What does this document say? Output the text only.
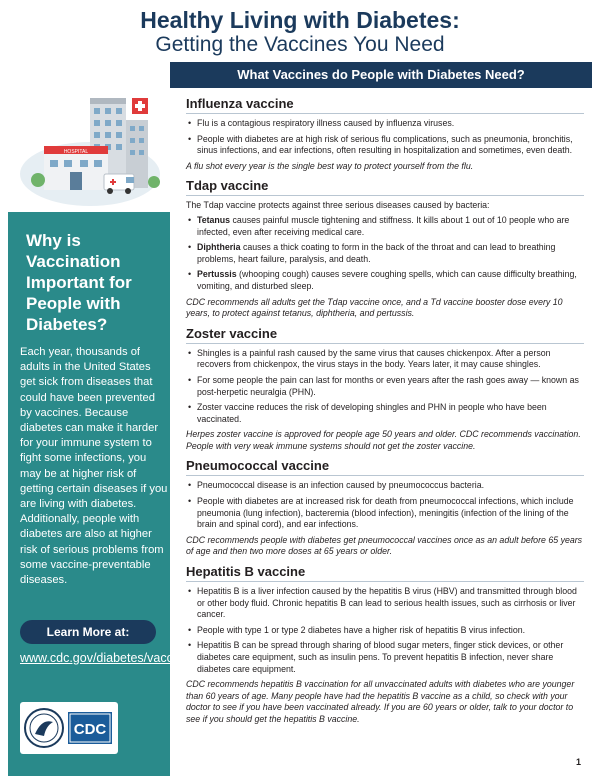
Healthy Living with Diabetes:
Getting the Vaccines You Need
HOSPITAL
Why is Vaccination Important for People with Diabetes?
Each year, thousands of adults in the United States get sick from diseases that could have been prevented by vaccines. Because diabetes can make it harder for your immune system to fight some infections, you may be at higher risk of getting certain diseases if you are living with diabetes. Additionally, people with diabetes are also at higher risk of serious problems from some vaccine-preventable diseases.
Learn More at:
www.cdc.gov/diabetes/vaccines
CDC
What Vaccines do People with Diabetes Need?
Influenza vaccine
• Flu is a contagious respiratory illness caused by influenza viruses.
• People with diabetes are at high risk of serious flu complications, such as pneumonia, bronchitis, sinus infections, and ear infections, often resulting in hospitalization and sometimes, even death.

A flu shot every year is the single best way to protect yourself from the flu.

Tdap vaccine

The Tdap vaccine protects against three serious diseases caused by bacteria:

• Tetanus causes painful muscle tightening and stiffness. It kills about 1 out of 10 people who are infected, even after receiving medical care.
• Diphtheria causes a thick coating to form in the back of the throat and can lead to breathing problems, heart failure, paralysis, and death.
• Pertussis (whooping cough) causes severe coughing spells, which can cause difficulty breathing, vomiting, and disturbed sleep.

CDC recommends all adults get the Tdap vaccine once, and a Td vaccine booster dose every 10 years, to protect against tetanus, diphtheria, and pertussis.

Zoster vaccine
• Shingles is a painful rash caused by the same virus that causes chickenpox. After a person recovers from chickenpox, the virus stays in the body. Years later, it may cause shingles.
• For some people the pain can last for months or even years after the rash goes away — known as post-herpetic neuralgia (PHN).
• Zoster vaccine reduces the risk of developing shingles and PHN in people who have been vaccinated.

Herpes zoster vaccine is approved for people age 50 years and older. CDC recommends vaccination. People with very weak immune systems should not get the zoster vaccine.

Pneumococcal vaccine
• Pneumococcal disease is an infection caused by pneumococcus bacteria.
• People with diabetes are at increased risk for death from pneumococcal infections, which include pneumonia (lung infection), bacteremia (blood infection), meningitis (infection of the lining of the brain and spinal cord), and ear infections.

CDC recommends people with diabetes get pneumococcal vaccines once as an adult before 65 years of age and then two more doses at 65 years or older.

Hepatitis B vaccine
• Hepatitis B is a liver infection caused by the hepatitis B virus (HBV) and transmitted through blood or other body fluid. Chronic hepatitis B can lead to serious health issues, such as cirrhosis or liver cancer.
• People with type 1 or type 2 diabetes have a higher risk of hepatitis B virus infection.
• Hepatitis B can be spread through sharing of blood sugar meters, finger stick devices, or other diabetes care equipment, such as insulin pens. To prevent hepatitis B infection, never share diabetes care equipment.

CDC recommends hepatitis B vaccination for all unvaccinated adults with diabetes who are younger than 60 years of age. Many people have had the hepatitis B vaccine as a child, so check with your doctor to see if you have been vaccinated already. If you are 60 years or older, talk to your doctor to see if you should get the hepatitis B vaccine.

1
